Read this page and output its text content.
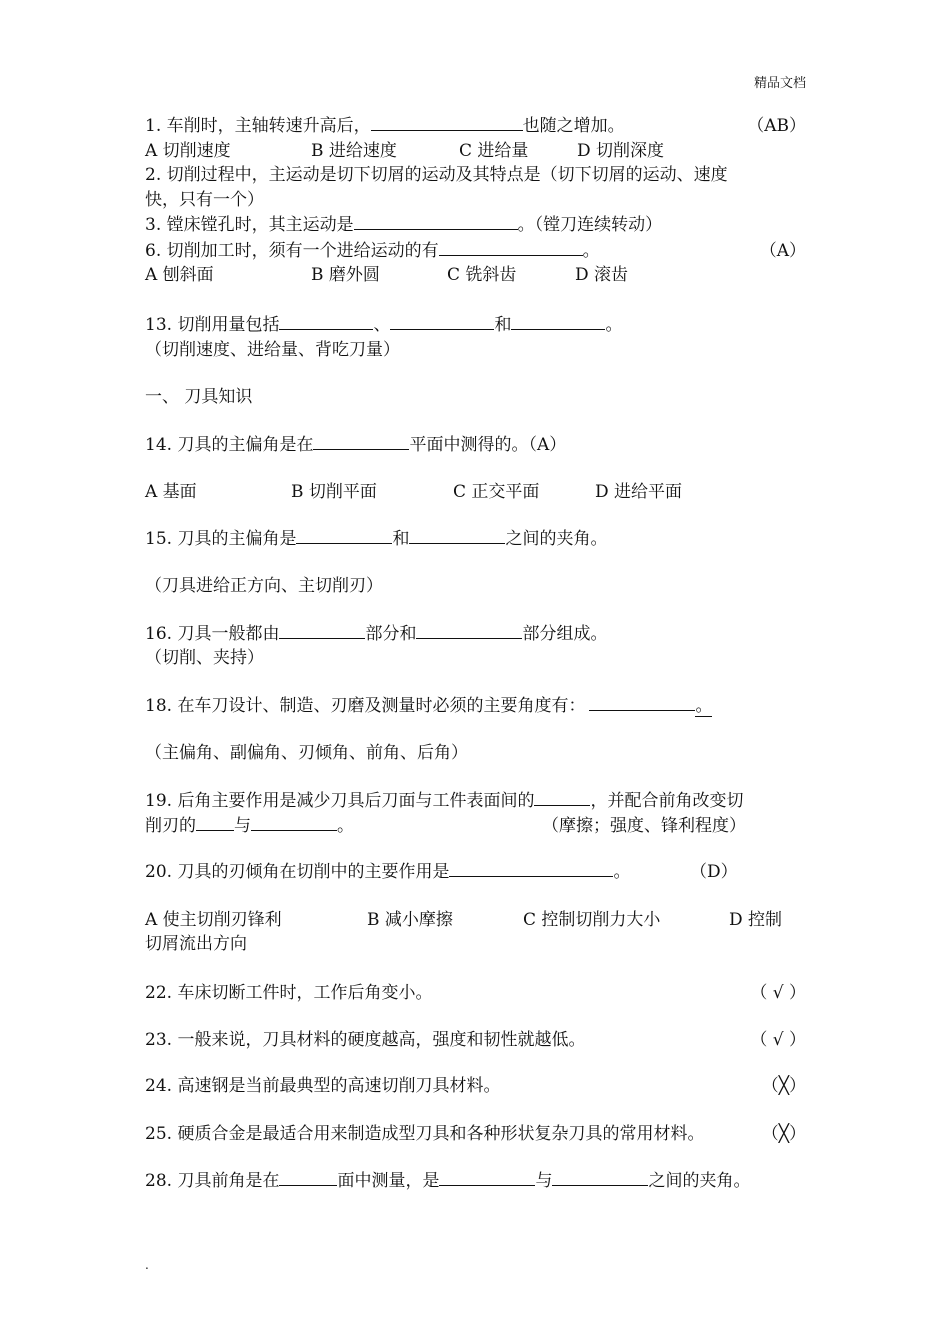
精品文档
1. 车削时，主轴转速升高后，	也随之增加。	（AB）
A 切削速度	B 进给速度	C 进给量	D 切削深度
2. 切削过程中，主运动是切下切屑的运动及其特点是（切下切屑的运动、速度
快，只有一个）
3. 镗床镗孔时，其主运动是	。（镗刀连续转动）
6. 切削加工时，须有一个进给运动的有	。	（A）
A 刨斜面	B 磨外圆	C 铣斜齿	D 滚齿
13. 切削用量包括	、	和	。
（切削速度、进给量、背吃刀量）
一、 刀具知识
14. 刀具的主偏角是在	平面中测得的。（A）
A 基面	B 切削平面	C 正交平面	D 进给平面
15. 刀具的主偏角是	和	之间的夹角。
（刀具进给正方向、主切削刃）
16. 刀具一般都由	部分和	部分组成。
（切削、夹持）
18. 在车刀设计、制造、刃磨及测量时必须的主要角度有：	。
（主偏角、副偏角、刃倾角、前角、后角）
19. 后角主要作用是减少刀具后刀面与工件表面间的	，并配合前角改变切
削刃的 与	。	（摩擦；强度、锋利程度）
20. 刀具的刃倾角在切削中的主要作用是	。	（D）
A 使主切削刃锋利	B 减小摩擦	C 控制切削力大小	D 控制
切屑流出方向
22. 车床切断工件时，工作后角变小。	（ √ ）
23. 一般来说，刀具材料的硬度越高，强度和韧性就越低。	（ √ ）
24. 高速钢是当前最典型的高速切削刀具材料。	（╳）
25. 硬质合金是最适合用来制造成型刀具和各种形状复杂刀具的常用材料。	（╳）
28. 刀具前角是在	面中测量，是	与	之间的夹角。
.
